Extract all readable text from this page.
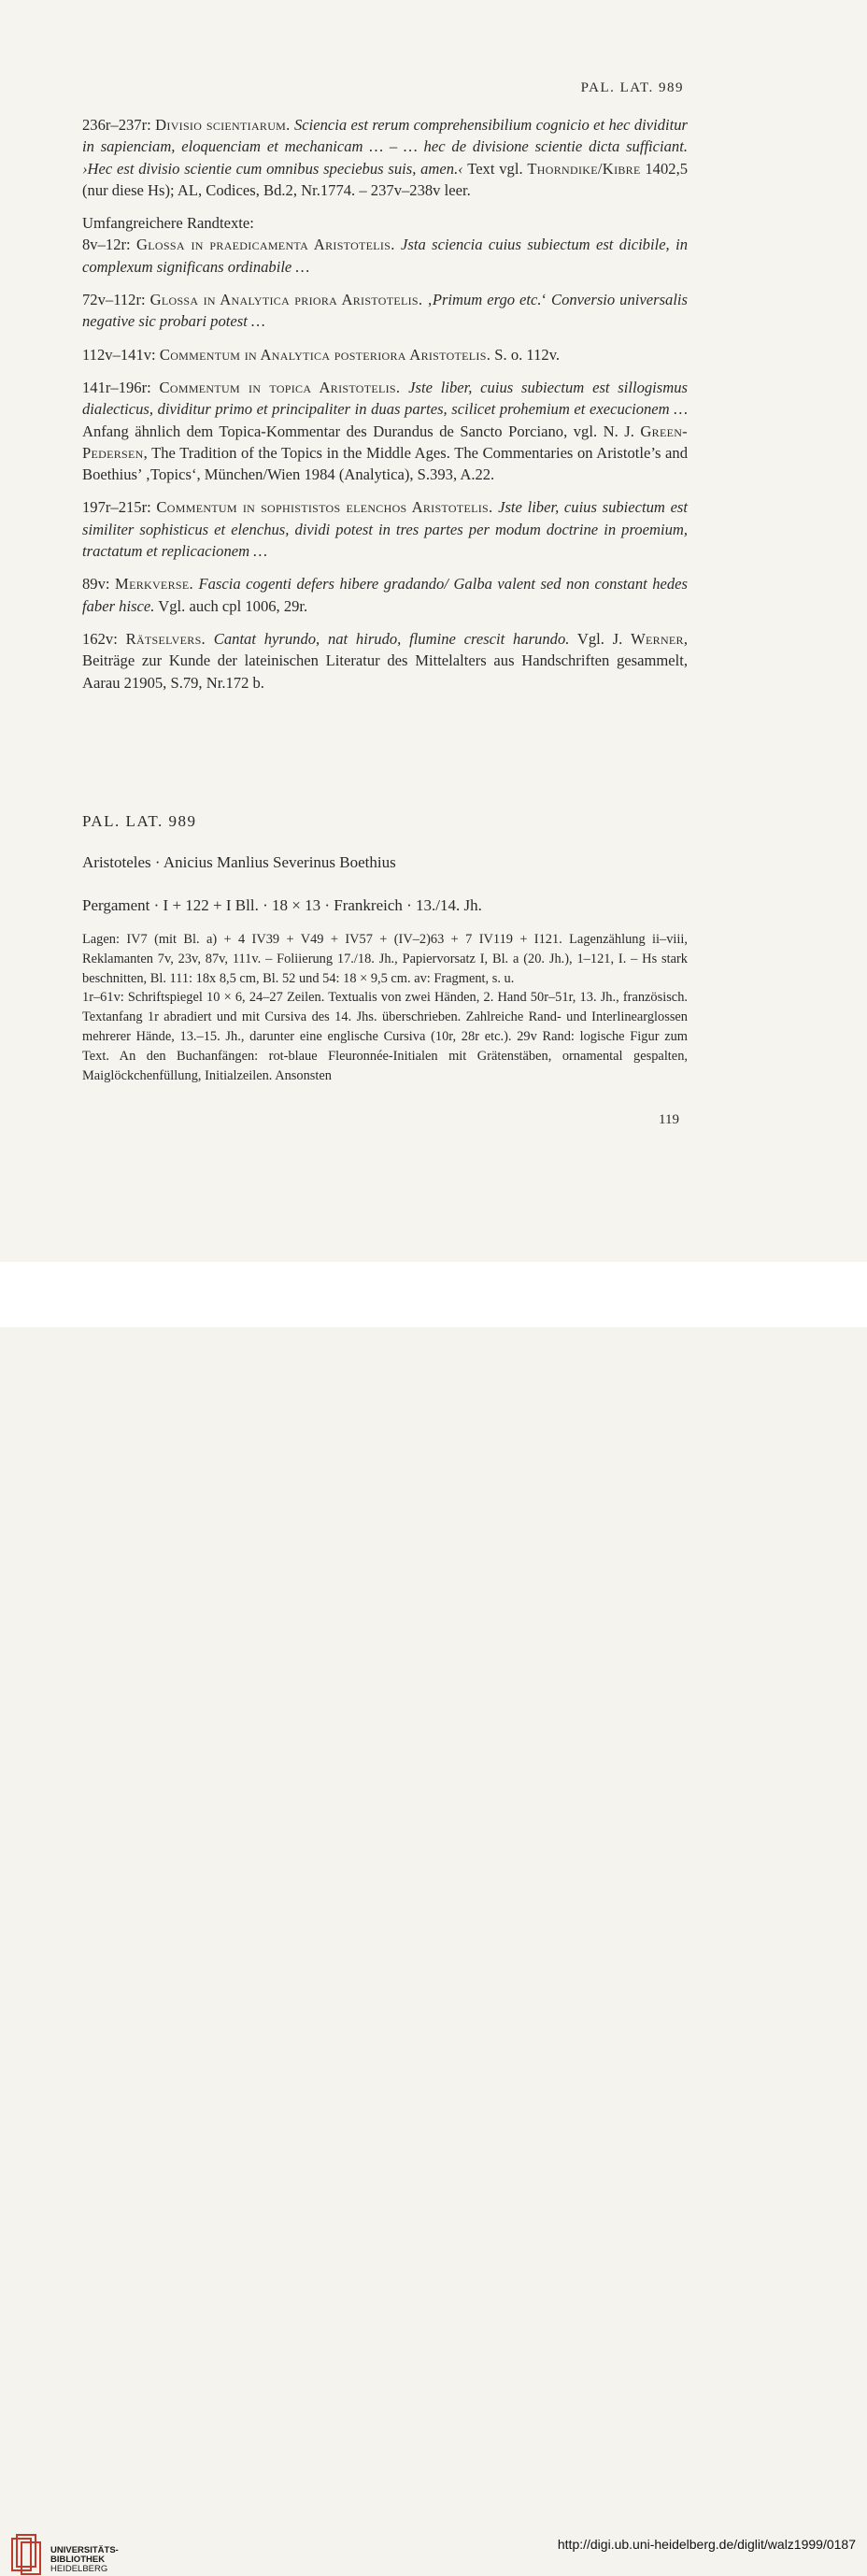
PAL. LAT. 989

236r–237r: Divisio scientiarum. Sciencia est rerum comprehensibilium cognicio et hec dividitur in sapienciam, eloquenciam et mechanicam … – … hec de divisione scientie dicta sufficiant. ›Hec est divisio scientie cum omnibus speciebus suis, amen.‹ Text vgl. Thorndike/Kibre 1402,5 (nur diese Hs); AL, Codices, Bd.2, Nr.1774. – 237v–238v leer.

Umfangreichere Randtexte:

8v–12r: Glossa in praedicamenta Aristotelis. Jsta sciencia cuius subiectum est dicibile, in complexum significans ordinabile …

72v–112r: Glossa in Analytica priora Aristotelis. ‚Primum ergo etc.‘ Conversio universalis negative sic probari potest …

112v–141v: Commentum in Analytica posteriora Aristotelis. S. o. 112v.

141r–196r: Commentum in topica Aristotelis. Jste liber, cuius subiectum est sillogismus dialecticus, dividitur primo et principaliter in duas partes, scilicet prohemium et execucionem … Anfang ähnlich dem Topica-Kommentar des Durandus de Sancto Porciano, vgl. N. J. Green-Pedersen, The Tradition of the Topics in the Middle Ages. The Commentaries on Aristotle’s and Boethius’ ‚Topics‘, München/Wien 1984 (Analytica), S.393, A.22.

197r–215r: Commentum in sophististos elenchos Aristotelis. Jste liber, cuius subiectum est similiter sophisticus et elenchus, dividi potest in tres partes per modum doctrine in proemium, tractatum et replicacionem …

89v: Merkverse. Fascia cogenti defers hibere gradando/ Galba valent sed non constant hedes faber hisce. Vgl. auch cpl 1006, 29r.

162v: Rätselvers. Cantat hyrundo, nat hirudo, flumine crescit harundo. Vgl. J. Werner, Beiträge zur Kunde der lateinischen Literatur des Mittelalters aus Handschriften gesammelt, Aarau 21905, S.79, Nr.172 b.

PAL. LAT. 989
Aristoteles · Anicius Manlius Severinus Boethius
Pergament · I + 122 + I Bll. · 18 × 13 · Frankreich · 13./14. Jh.

Lagen: IV7 (mit Bl. a) + 4 IV39 + V49 + IV57 + (IV–2)63 + 7 IV119 + I121. Lagenzählung ii–viii, Reklamanten 7v, 23v, 87v, 111v. – Foliierung 17./18. Jh., Papiervorsatz I, Bl. a (20. Jh.), 1–121, I. – Hs stark beschnitten, Bl. 111: 18x 8,5 cm, Bl. 52 und 54: 18 × 9,5 cm. av: Fragment, s. u.

1r–61v: Schriftspiegel 10 × 6, 24–27 Zeilen. Textualis von zwei Händen, 2. Hand 50r–51r, 13. Jh., französisch. Textanfang 1r abradiert und mit Cursiva des 14. Jhs. überschrieben. Zahlreiche Rand- und Interlinearglossen mehrerer Hände, 13.–15. Jh., darunter eine englische Cursiva (10r, 28r etc.). 29v Rand: logische Figur zum Text. An den Buchanfängen: rot-blaue Fleuronnée-Initialen mit Grätenstäben, ornamental gespalten, Maiglöckchenfüllung, Initialzeilen. Ansonsten

119
UNIVERSITÄTS-
BIBLIOTHEK
HEIDELBERG
http://digi.ub.uni-heidelberg.de/diglit/walz1999/0187
